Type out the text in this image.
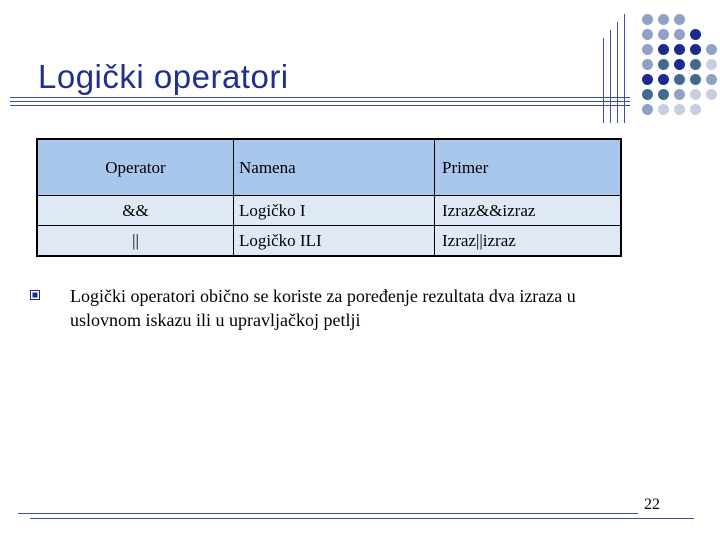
Logički operatori
Operator	Namena	Primer
&&	Logičko I	Izraz&&izraz
||	Logičko ILI	Izraz||izraz
Logički operatori obično se koriste za poređenje rezultata dva izraza u uslovnom iskazu ili u upravljačkoj petlji
22
